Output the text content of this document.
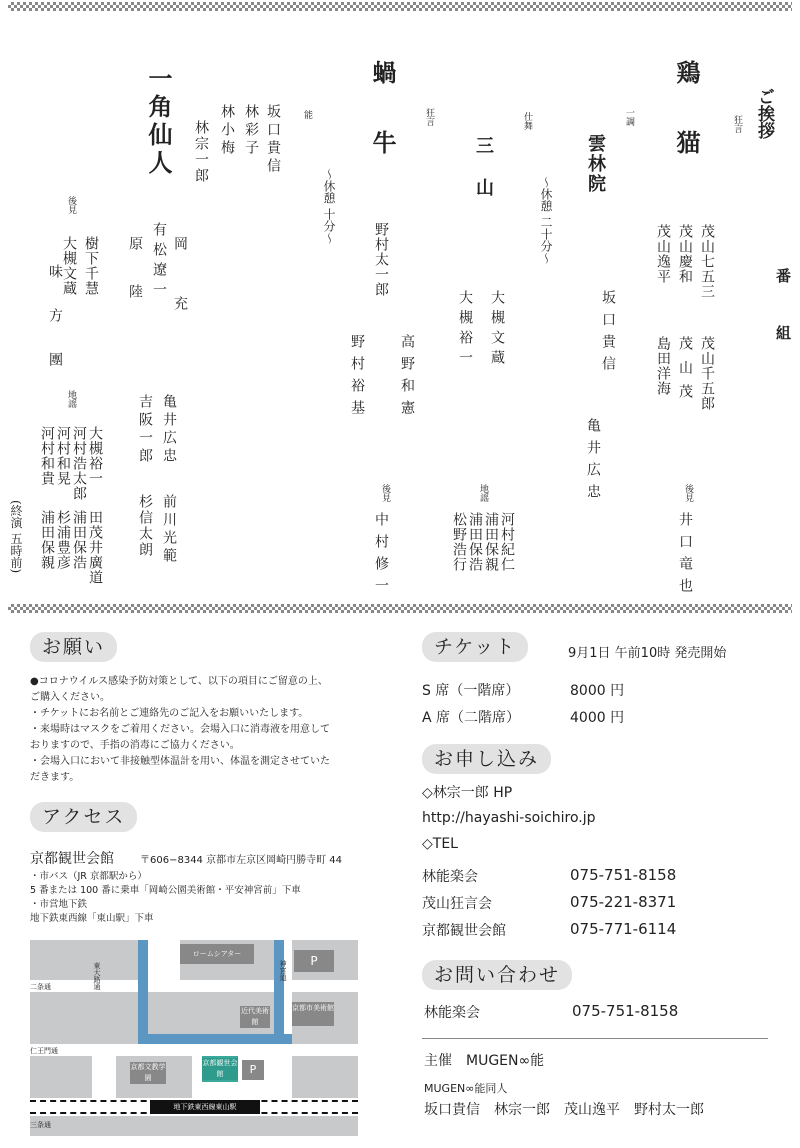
番組
ご挨拶
狂言
鶏猫
茂山七五三
茂山慶和
茂山逸平
茂山千五郎
茂山茂
島田洋海
後見
井口竜也
一調
雲林院
坂口貴信
亀井広忠
〜休憩 二十分〜
仕舞
三山
大槻文蔵
大槻裕一
地謡
河村紀仁
浦田保親
浦田保浩
松野浩行
狂言
蝸牛
野村太一郎
高野和憲
野村裕基
後見
中村修一
〜休憩 十分〜
能
坂口貴信
林彩子
林小梅
林宗一郎
一角仙人
有松遼一
原陸 岡充
後見
樹下千慧
大槻文蔵
味方團
亀井広忠
吉阪一郎
杉信太朗 前川光範
地謡
大槻裕一
河村浩太郎
河村和晃
河村和貴
田茂井廣道
浦田保浩
杉浦豊彦
浦田保親
(終演 五時前)
お願い
●コロナウイルス感染予防対策として、以下の項目にご留意の上、
ご購入ください。
・チケットにお名前とご連絡先のご記入をお願いいたします。
・来場時はマスクをご着用ください。会場入口に消毒液を用意して
おりますので、手指の消毒にご協力ください。
・会場入口において非接触型体温計を用い、体温を測定させていた
だきます。
アクセス
京都観世会館	〒606−8344 京都市左京区岡崎円勝寺町 44
・市バス（JR 京都駅から）
5 番または 100 番に乗車「岡崎公園美術館・平安神宮前」下車
・市営地下鉄
地下鉄東西線「東山駅」下車
ロームシアター	P
近代美術館
京都市美術館
京都文教学園
京都観世会館	P
二条通	東大路通	神宮道
仁王門通
地下鉄東西線東山駅
三条通
チケット	9月1日 午前10時 発売開始
S 席（一階席）	8000 円
A 席（二階席）	4000 円
お申し込み
◇林宗一郎 HP
http://hayashi-soichiro.jp
◇TEL
林能楽会	075-751-8158
茂山狂言会	075-221-8371
京都観世会館	075-771-6114
お問い合わせ
林能楽会	075-751-8158
主催　MUGEN∞能
MUGEN∞能同人
坂口貴信　林宗一郎　茂山逸平　野村太一郎
